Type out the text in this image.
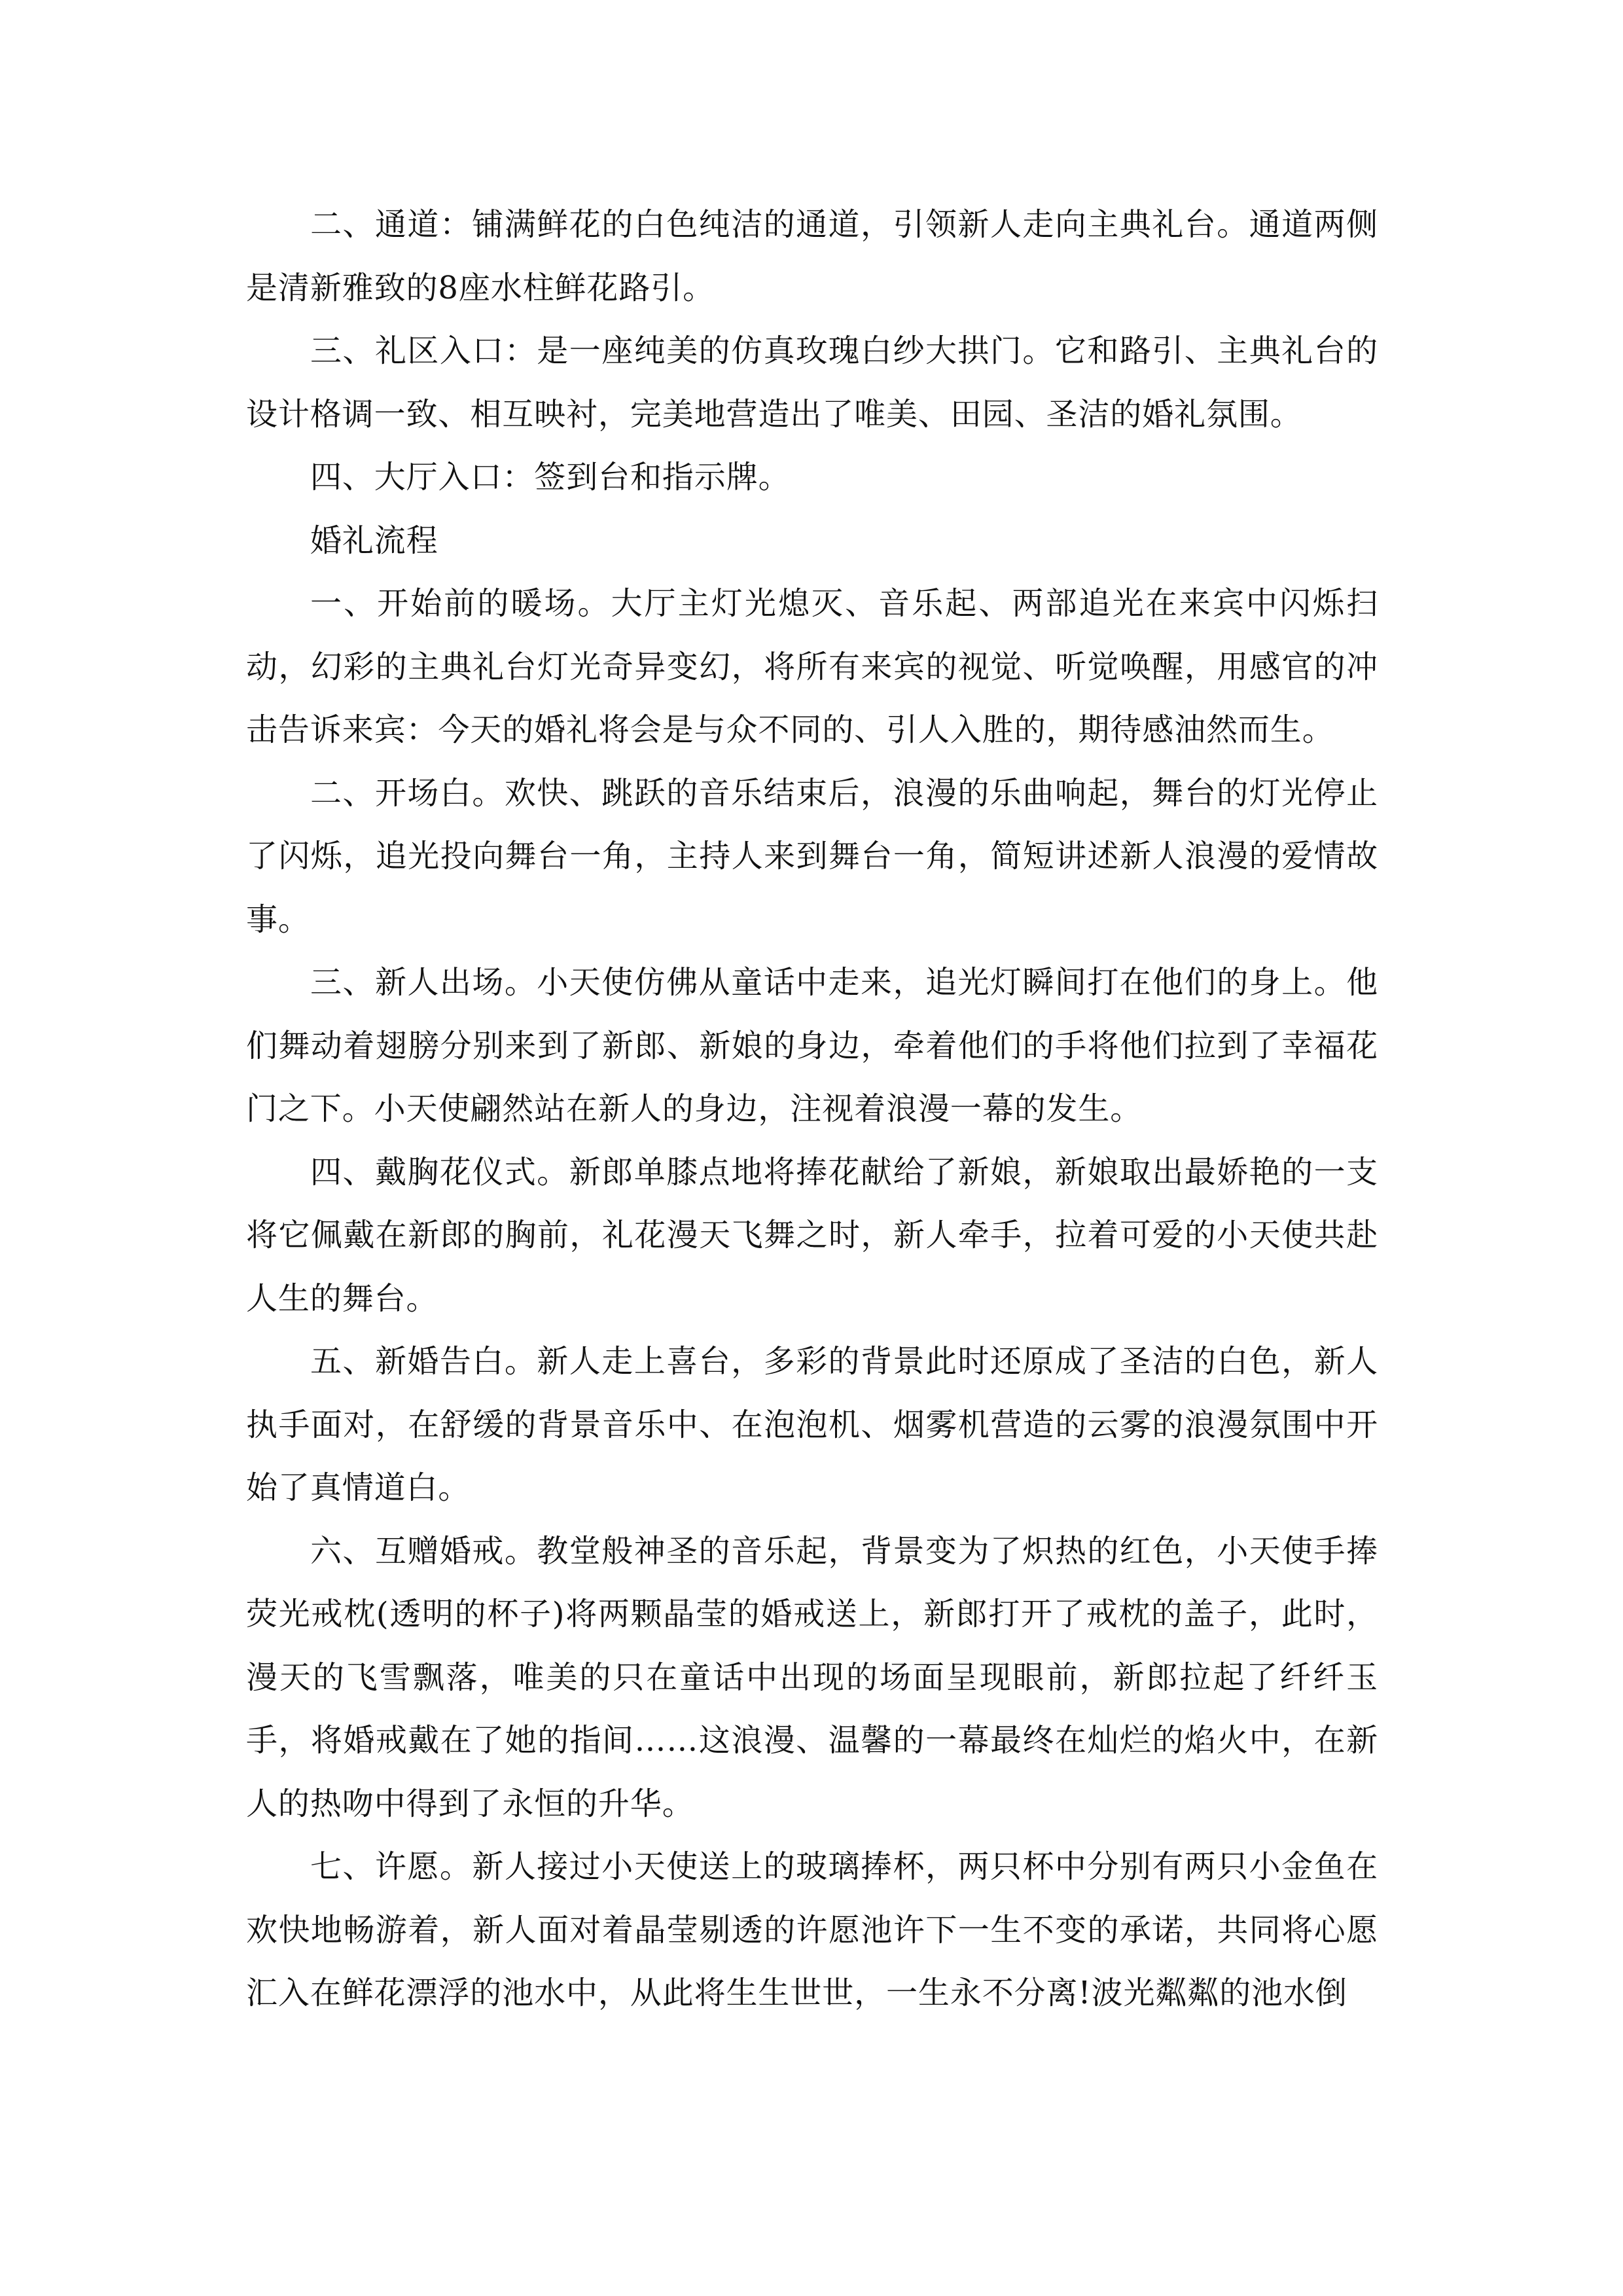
二、通道：铺满鲜花的白色纯洁的通道，引领新人走向主典礼台。通道两侧是清新雅致的8座水柱鲜花路引。

三、礼区入口：是一座纯美的仿真玫瑰白纱大拱门。它和路引、主典礼台的设计格调一致、相互映衬，完美地营造出了唯美、田园、圣洁的婚礼氛围。

四、大厅入口：签到台和指示牌。

婚礼流程

一、开始前的暖场。大厅主灯光熄灭、音乐起、两部追光在来宾中闪烁扫动，幻彩的主典礼台灯光奇异变幻，将所有来宾的视觉、听觉唤醒，用感官的冲击告诉来宾：今天的婚礼将会是与众不同的、引人入胜的，期待感油然而生。

二、开场白。欢快、跳跃的音乐结束后，浪漫的乐曲响起，舞台的灯光停止了闪烁，追光投向舞台一角，主持人来到舞台一角，简短讲述新人浪漫的爱情故事。

三、新人出场。小天使仿佛从童话中走来，追光灯瞬间打在他们的身上。他们舞动着翅膀分别来到了新郎、新娘的身边，牵着他们的手将他们拉到了幸福花门之下。小天使翩然站在新人的身边，注视着浪漫一幕的发生。

四、戴胸花仪式。新郎单膝点地将捧花献给了新娘，新娘取出最娇艳的一支将它佩戴在新郎的胸前，礼花漫天飞舞之时，新人牵手，拉着可爱的小天使共赴人生的舞台。

五、新婚告白。新人走上喜台，多彩的背景此时还原成了圣洁的白色，新人执手面对，在舒缓的背景音乐中、在泡泡机、烟雾机营造的云雾的浪漫氛围中开始了真情道白。

六、互赠婚戒。教堂般神圣的音乐起，背景变为了炽热的红色，小天使手捧荧光戒枕(透明的杯子)将两颗晶莹的婚戒送上，新郎打开了戒枕的盖子，此时，漫天的飞雪飘落，唯美的只在童话中出现的场面呈现眼前，新郎拉起了纤纤玉手，将婚戒戴在了她的指间……这浪漫、温馨的一幕最终在灿烂的焰火中，在新人的热吻中得到了永恒的升华。

七、许愿。新人接过小天使送上的玻璃捧杯，两只杯中分别有两只小金鱼在欢快地畅游着，新人面对着晶莹剔透的许愿池许下一生不变的承诺，共同将心愿汇入在鲜花漂浮的池水中，从此将生生世世，一生永不分离!波光粼粼的池水倒
